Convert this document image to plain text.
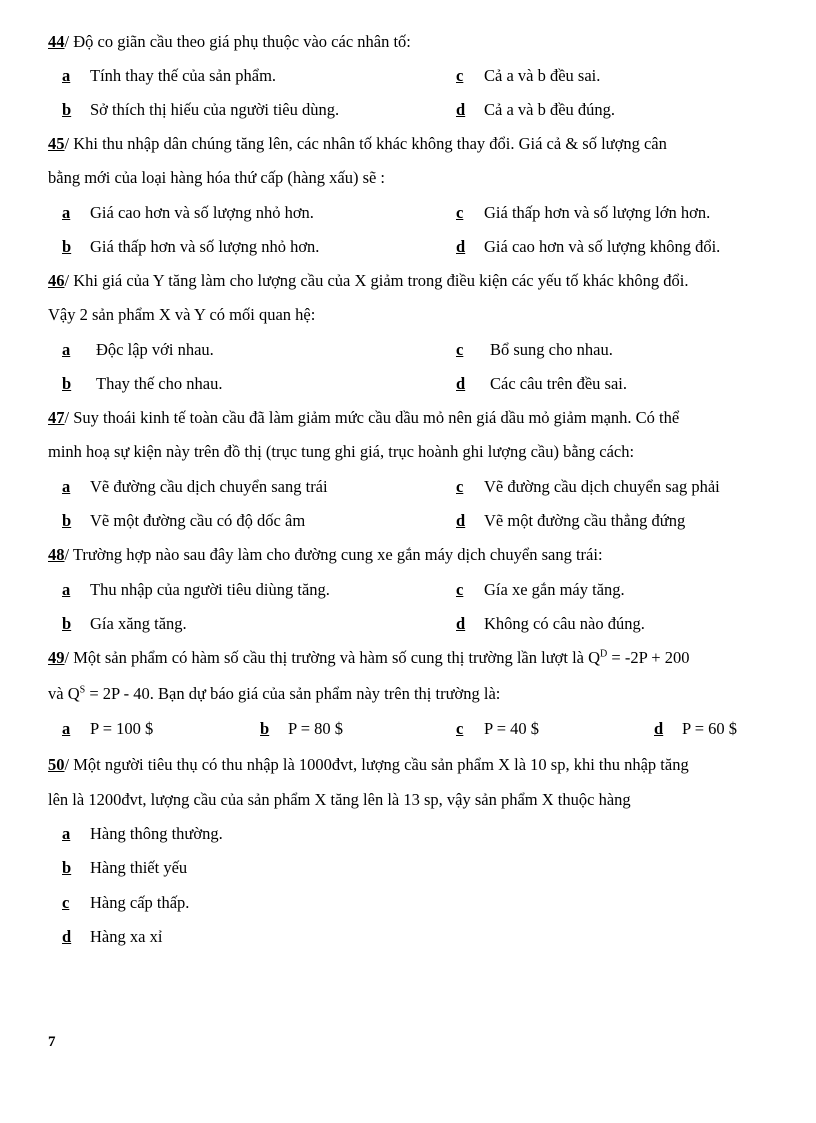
44/ Độ co giãn cầu theo giá phụ thuộc vào các nhân tố:
a Tính thay thế của sản phẩm.	c Cả a và b đều sai.
b Sở thích thị hiếu của người tiêu dùng.	d Cả a và b đều đúng.
45/ Khi thu nhập dân chúng tăng lên, các nhân tố khác không thay đổi. Giá cả & số lượng cân
bằng mới của loại hàng hóa thứ cấp (hàng xấu) sẽ :
a Giá cao hơn và số lượng nhỏ hơn.	c Giá thấp hơn và số lượng lớn hơn.
b Giá thấp hơn và số lượng nhỏ hơn.	d Giá cao hơn và số lượng không đổi.
46/ Khi giá của Y tăng làm cho lượng cầu của X giảm trong điều kiện các yếu tố khác không đổi.
Vậy 2 sản phẩm X và Y có mối quan hệ:
a Độc lập với nhau.	c Bổ sung cho nhau.
b Thay thế cho nhau.	d Các câu trên đều sai.
47/ Suy thoái kinh tế toàn cầu đã làm giảm mức cầu dầu mỏ nên giá dầu mỏ giảm mạnh. Có thể
minh hoạ sự kiện này trên đồ thị (trục tung ghi giá, trục hoành ghi lượng cầu) bằng cách:
a Vẽ đường cầu dịch chuyển sang trái	c Vẽ đường cầu dịch chuyển sag phải
b Vẽ một đường cầu có độ dốc âm	d Vẽ một đường cầu thẳng đứng
48/ Trường hợp nào sau đây làm cho đường cung xe gắn máy dịch chuyển sang trái:
a Thu nhập của người tiêu diùng tăng.	c Gía xe gắn máy tăng.
b Gía xăng tăng.	d Không có câu nào đúng.
49/ Một sản phẩm có hàm số cầu thị trường và hàm số cung thị trường lần lượt là $Q^D = -2P + 200$
và $Q^S = 2P - 40$. Bạn dự báo giá của sản phẩm này trên thị trường là:
a P = 100 $	b P = 80 $	c P = 40 $	d P = 60 $
50/ Một người tiêu thụ có thu nhập là 1000đvt, lượng cầu sản phẩm X là 10 sp, khi thu nhập tăng
lên là 1200đvt, lượng cầu của sản phẩm X tăng lên là 13 sp, vậy sản phẩm X thuộc hàng
a Hàng thông thường.
b Hàng thiết yếu
c Hàng cấp thấp.
d Hàng xa xỉ
7
